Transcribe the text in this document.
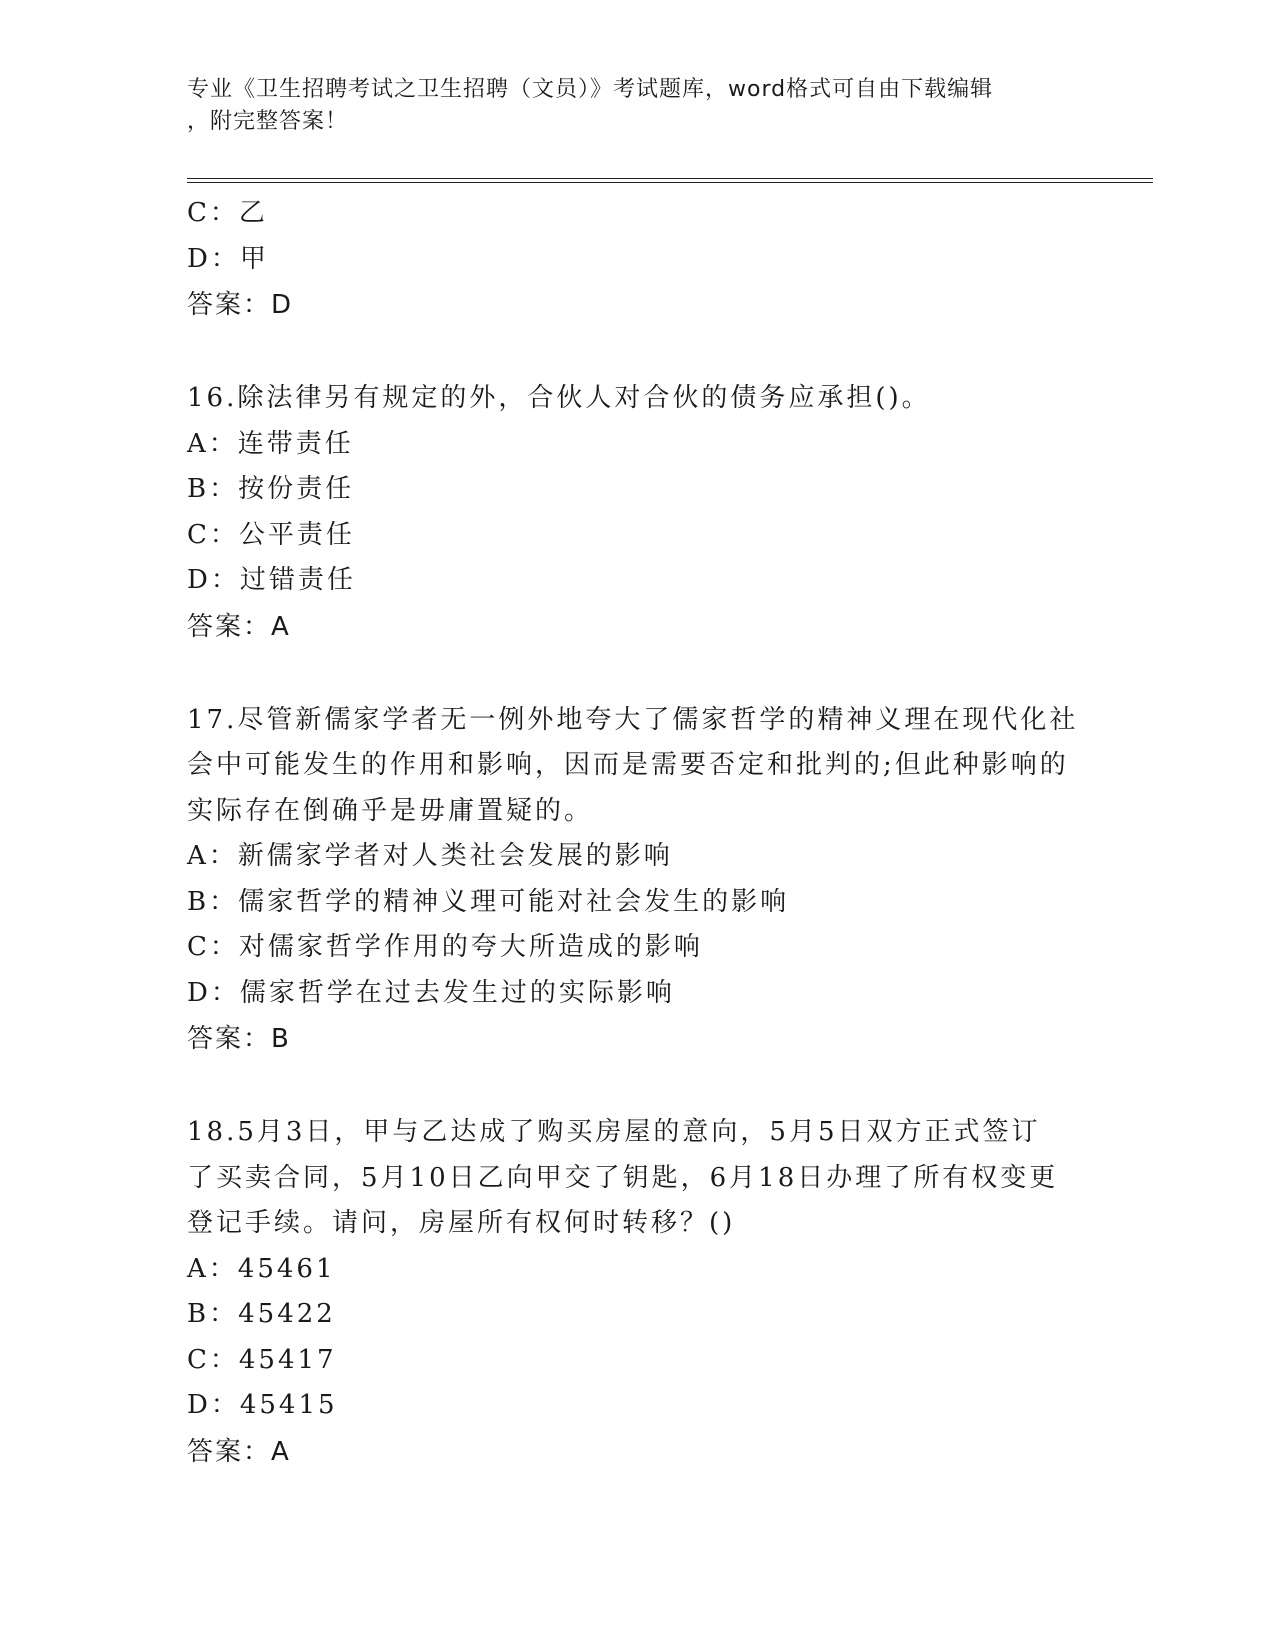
专业《卫生招聘考试之卫生招聘（文员）》考试题库，word格式可自由下载编辑
，附完整答案！
C：乙
D：甲
答案：D
16.除法律另有规定的外，合伙人对合伙的债务应承担()。
A：连带责任
B：按份责任
C：公平责任
D：过错责任
答案：A
17.尽管新儒家学者无一例外地夸大了儒家哲学的精神义理在现代化社
会中可能发生的作用和影响，因而是需要否定和批判的;但此种影响的
实际存在倒确乎是毋庸置疑的。
A：新儒家学者对人类社会发展的影响
B：儒家哲学的精神义理可能对社会发生的影响
C：对儒家哲学作用的夸大所造成的影响
D：儒家哲学在过去发生过的实际影响
答案：B
18.5月3日，甲与乙达成了购买房屋的意向，5月5日双方正式签订
了买卖合同，5月10日乙向甲交了钥匙，6月18日办理了所有权变更
登记手续。请问，房屋所有权何时转移？()
A：45461
B：45422
C：45417
D：45415
答案：A
